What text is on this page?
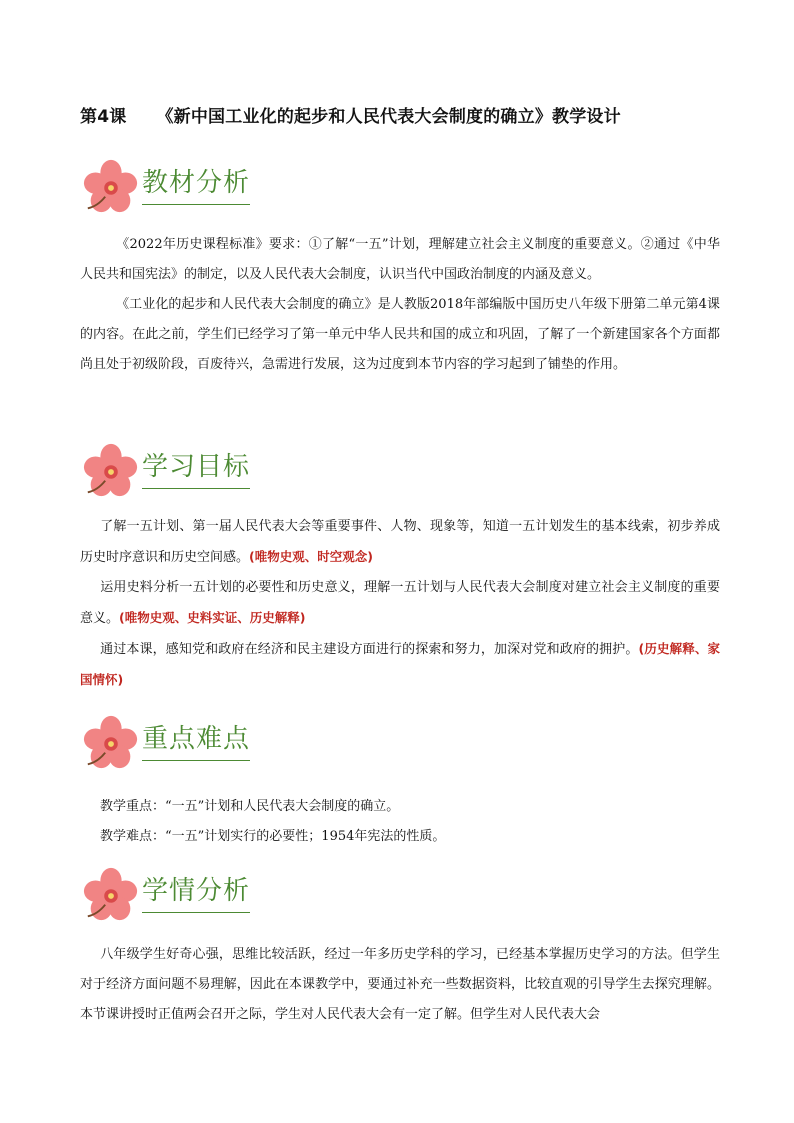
第4课 《新中国工业化的起步和人民代表大会制度的确立》教学设计
教材分析
《2022年历史课程标准》要求：①了解“一五”计划，理解建立社会主义制度的重要意义。②通过《中华人民共和国宪法》的制定，以及人民代表大会制度，认识当代中国政治制度的内涵及意义。
《工业化的起步和人民代表大会制度的确立》是人教版2018年部编版中国历史八年级下册第二单元第4课的内容。在此之前，学生们已经学习了第一单元中华人民共和国的成立和巩固，了解了一个新建国家各个方面都尚且处于初级阶段，百废待兴，急需进行发展，这为过度到本节内容的学习起到了铺垫的作用。
学习目标
了解一五计划、第一届人民代表大会等重要事件、人物、现象等，知道一五计划发生的基本线索，初步养成历史时序意识和历史空间感。(唯物史观、时空观念)
运用史料分析一五计划的必要性和历史意义，理解一五计划与人民代表大会制度对建立社会主义制度的重要意义。(唯物史观、史料实证、历史解释)
通过本课，感知党和政府在经济和民主建设方面进行的探索和努力，加深对党和政府的拥护。(历史解释、家国情怀)
重点难点
教学重点：“一五”计划和人民代表大会制度的确立。
教学难点：“一五”计划实行的必要性；1954年宪法的性质。
学情分析
八年级学生好奇心强，思维比较活跃，经过一年多历史学科的学习，已经基本掌握历史学习的方法。但学生对于经济方面问题不易理解，因此在本课教学中，要通过补充一些数据资料，比较直观的引导学生去探究理解。本节课讲授时正值两会召开之际，学生对人民代表大会有一定了解。但学生对人民代表大会
